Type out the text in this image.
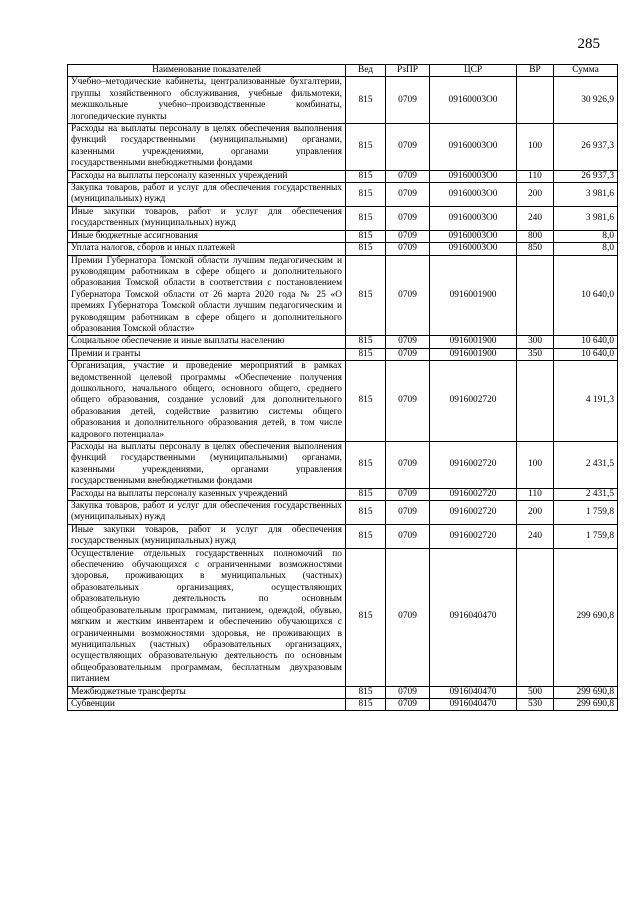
285
Наименование показателей	Вед	РзПР	ЦСР	ВР	Сумма
Учебно–методические кабинеты, централизованные бухгалтерии, группы хозяйственного обслуживания, учебные фильмотеки, межшкольные учебно–производственные комбинаты, логопедические пункты	815	0709	09160003О0		30 926,9
Расходы на выплаты персоналу в целях обеспечения выполнения функций государственными (муниципальными) органами, казенными учреждениями, органами управления государственными внебюджетными фондами	815	0709	09160003О0	100	26 937,3
Расходы на выплаты персоналу казенных учреждений	815	0709	09160003О0	110	26 937,3
Закупка товаров, работ и услуг для обеспечения государственных (муниципальных) нужд	815	0709	09160003О0	200	3 981,6
Иные закупки товаров, работ и услуг для обеспечения государственных (муниципальных) нужд	815	0709	09160003О0	240	3 981,6
Иные бюджетные ассигнования	815	0709	09160003О0	800	8,0
Уплата налогов, сборов и иных платежей	815	0709	09160003О0	850	8,0
Премии Губернатора Томской области лучшим педагогическим и руководящим работникам в сфере общего и дополнительного образования Томской области в соответствии с постановлением Губернатора Томской области от 26 марта 2020 года № 25 «О премиях Губернатора Томской области лучшим педагогическим и руководящим работникам в сфере общего и дополнительного образования Томской области»	815	0709	0916001900		10 640,0
Социальное обеспечение и иные выплаты населению	815	0709	0916001900	300	10 640,0
Премии и гранты	815	0709	0916001900	350	10 640,0
Организация, участие и проведение мероприятий в рамках ведомственной целевой программы «Обеспечение получения дошкольного, начального общего, основного общего, среднего общего образования, создание условий для дополнительного образования детей, содействие развитию системы общего образования и дополнительного образования детей, в том числе кадрового потенциала»	815	0709	0916002720		4 191,3
Расходы на выплаты персоналу в целях обеспечения выполнения функций государственными (муниципальными) органами, казенными учреждениями, органами управления государственными внебюджетными фондами	815	0709	0916002720	100	2 431,5
Расходы на выплаты персоналу казенных учреждений	815	0709	0916002720	110	2 431,5
Закупка товаров, работ и услуг для обеспечения государственных (муниципальных) нужд	815	0709	0916002720	200	1 759,8
Иные закупки товаров, работ и услуг для обеспечения государственных (муниципальных) нужд	815	0709	0916002720	240	1 759,8
Осуществление отдельных государственных полномочий по обеспечению обучающихся с ограниченными возможностями здоровья, проживающих в муниципальных (частных) образовательных организациях, осуществляющих образовательную деятельность по основным общеобразовательным программам, питанием, одеждой, обувью, мягким и жестким инвентарем и обеспечению обучающихся с ограниченными возможностями здоровья, не проживающих в муниципальных (частных) образовательных организациях, осуществляющих образовательную деятельность по основным общеобразовательным программам, бесплатным двухразовым питанием	815	0709	0916040470		299 690,8
Межбюджетные трансферты	815	0709	0916040470	500	299 690,8
Субвенции	815	0709	0916040470	530	299 690,8
